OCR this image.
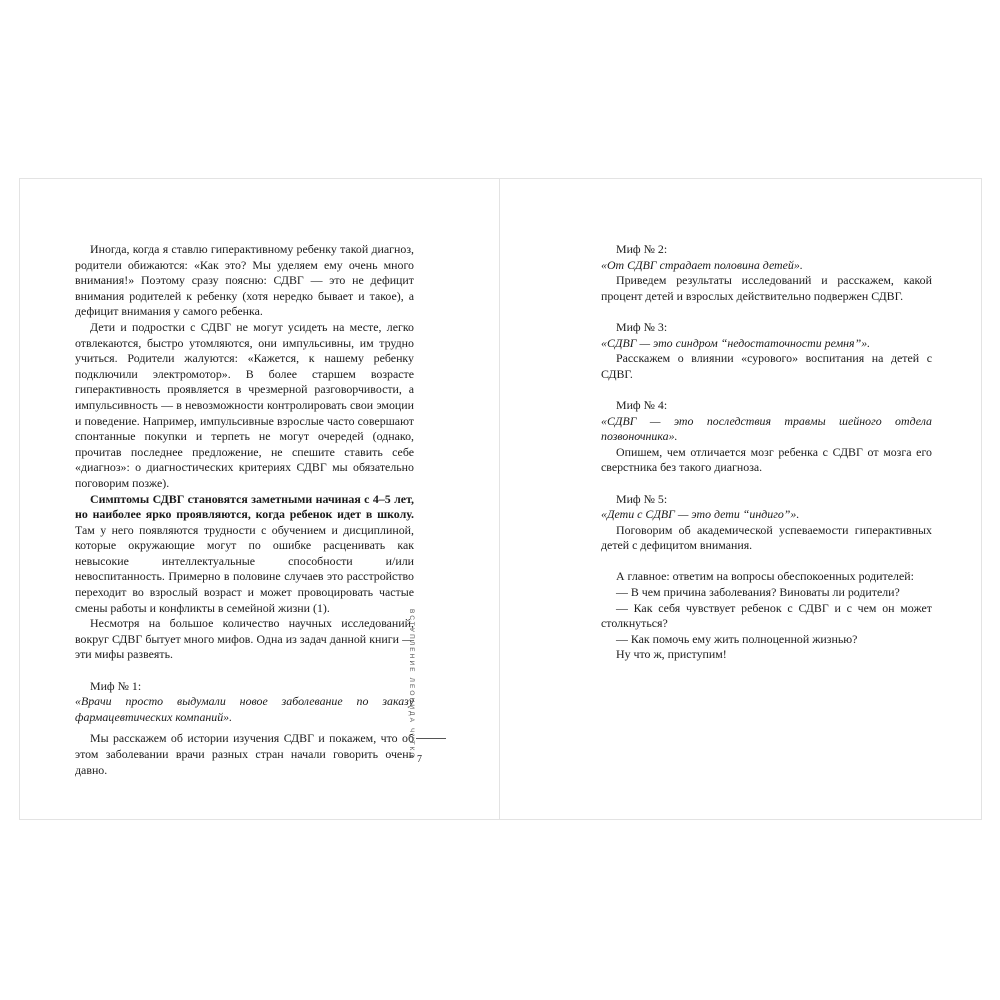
Иногда, когда я ставлю гиперактивному ребенку такой диагноз, родители обижаются: «Как это? Мы уделяем ему очень много внимания!» Поэтому сразу поясню: СДВГ — это не дефицит внимания родителей к ребенку (хотя нередко бывает и такое), а дефицит внимания у самого ребенка.

Дети и подростки с СДВГ не могут усидеть на месте, легко отвлекаются, быстро утомляются, они импульсивны, им трудно учиться. Родители жалуются: «Кажется, к нашему ребенку подключили электромотор». В более старшем возрасте гиперактивность проявляется в чрезмерной разговорчивости, а импульсивность — в невозможности контролировать свои эмоции и поведение. Например, импульсивные взрослые часто совершают спонтанные покупки и терпеть не могут очередей (однако, прочитав последнее предложение, не спешите ставить себе «диагноз»: о диагностических критериях СДВГ мы обязательно поговорим позже).

Симптомы СДВГ становятся заметными начиная с 4–5 лет, но наиболее ярко проявляются, когда ребенок идет в школу. Там у него появляются трудности с обучением и дисциплиной, которые окружающие могут по ошибке расценивать как невысокие интеллектуальные способности и/или невоспитанность. Примерно в половине случаев это расстройство переходит во взрослый возраст и может провоцировать частые смены работы и конфликты в семейной жизни (1).

Несмотря на большое количество научных исследований, вокруг СДВГ бытует много мифов. Одна из задач данной книги — эти мифы развеять.

Миф № 1:

«Врачи просто выдумали новое заболевание по заказу фармацевтических компаний».

Мы расскажем об истории изучения СДВГ и покажем, что об этом заболевании врачи разных стран начали говорить очень давно.

ВСТУПЛЕНИЕ ЛЕОНИДА ЧУТКО 7

Миф № 2:

«От СДВГ страдает половина детей».

Приведем результаты исследований и расскажем, какой процент детей и взрослых действительно подвержен СДВГ.

Миф № 3:

«СДВГ — это синдром “недостаточности ремня”».

Расскажем о влиянии «сурового» воспитания на детей с СДВГ.

Миф № 4:

«СДВГ — это последствия травмы шейного отдела позвоночника».

Опишем, чем отличается мозг ребенка с СДВГ от мозга его сверстника без такого диагноза.

Миф № 5:

«Дети с СДВГ — это дети “индиго”».

Поговорим об академической успеваемости гиперактивных детей с дефицитом внимания.

А главное: ответим на вопросы обеспокоенных родителей:

— В чем причина заболевания? Виноваты ли родители?

— Как себя чувствует ребенок с СДВГ и с чем он может столкнуться?

— Как помочь ему жить полноценной жизнью?

Ну что ж, приступим!
